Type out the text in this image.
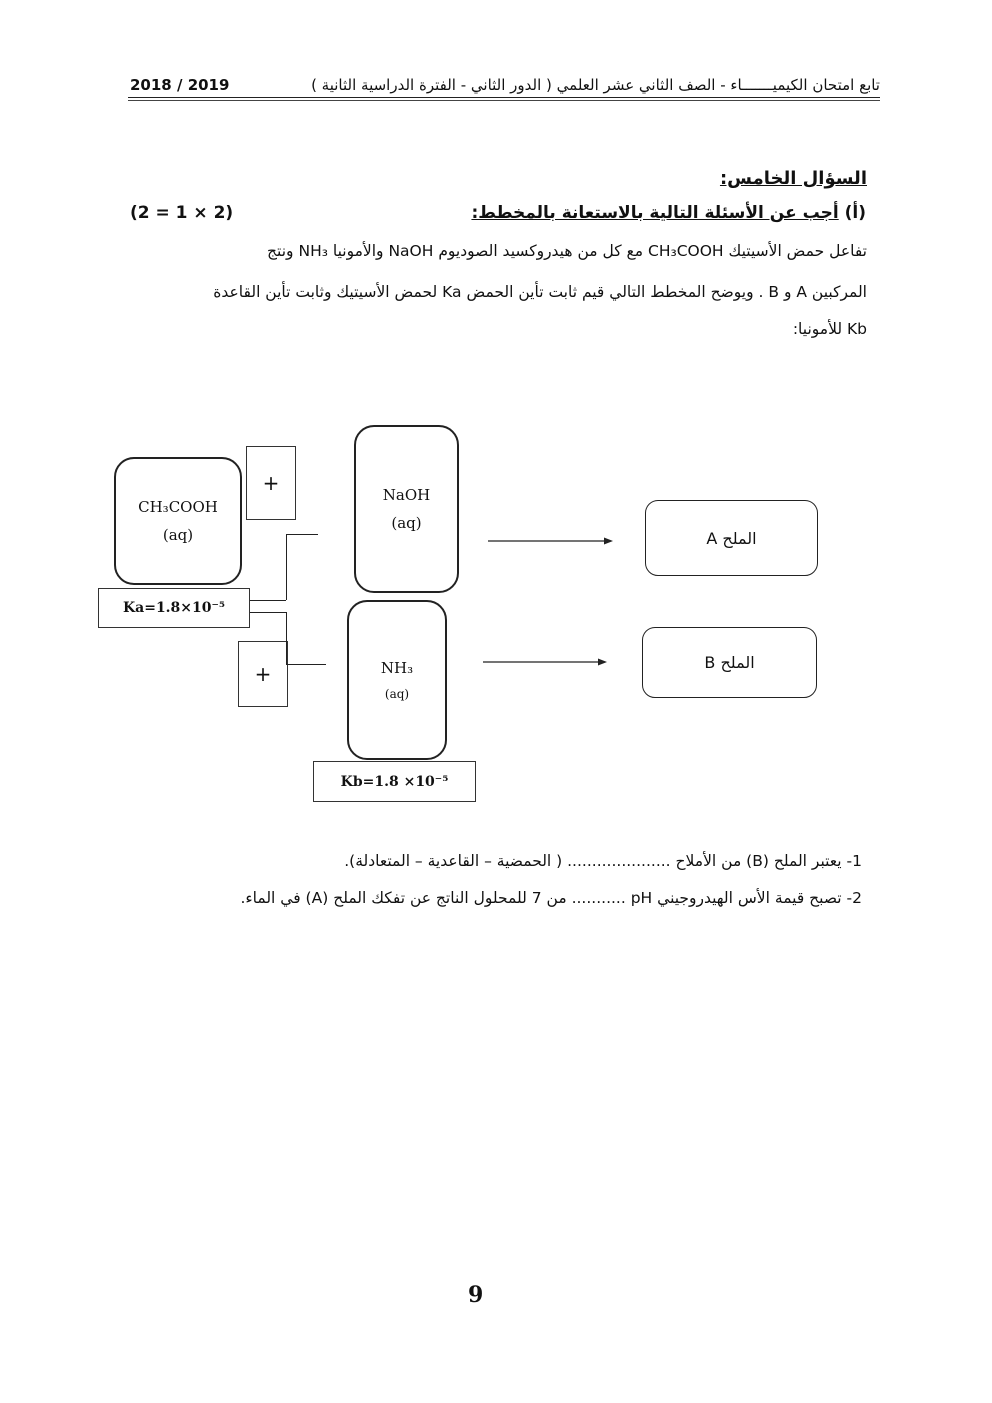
تابع امتحان الكيميـــــــاء - الصف الثاني عشر العلمي ( الدور الثاني - الفترة الدراسية الثانية )
2019 / 2018
السؤال الخامس:
(أ) أجب عن الأسئلة التالية بالاستعانة بالمخطط:
(2 = 1 × 2)
تفاعل حمض الأسيتيك CH₃COOH مع كل من هيدروكسيد الصوديوم NaOH والأمونيا NH₃ ونتج
المركبين A و B . ويوضح المخطط التالي قيم ثابت تأين الحمض Ka لحمض الأسيتيك وثابت تأين القاعدة
Kb للأمونيا:
CH₃COOH
(aq)
Ka=1.8×10⁻⁵
+
+
NaOH
(aq)
NH₃
(aq)
Kb=1.8 ×10⁻⁵
الملح A
الملح B
1- يعتبر الملح (B) من الأملاح ..................... ( الحمضية – القاعدية – المتعادلة).
2- تصبح قيمة الأس الهيدروجيني pH ........... من 7 للمحلول الناتج عن تفكك الملح (A) في الماء.
9
